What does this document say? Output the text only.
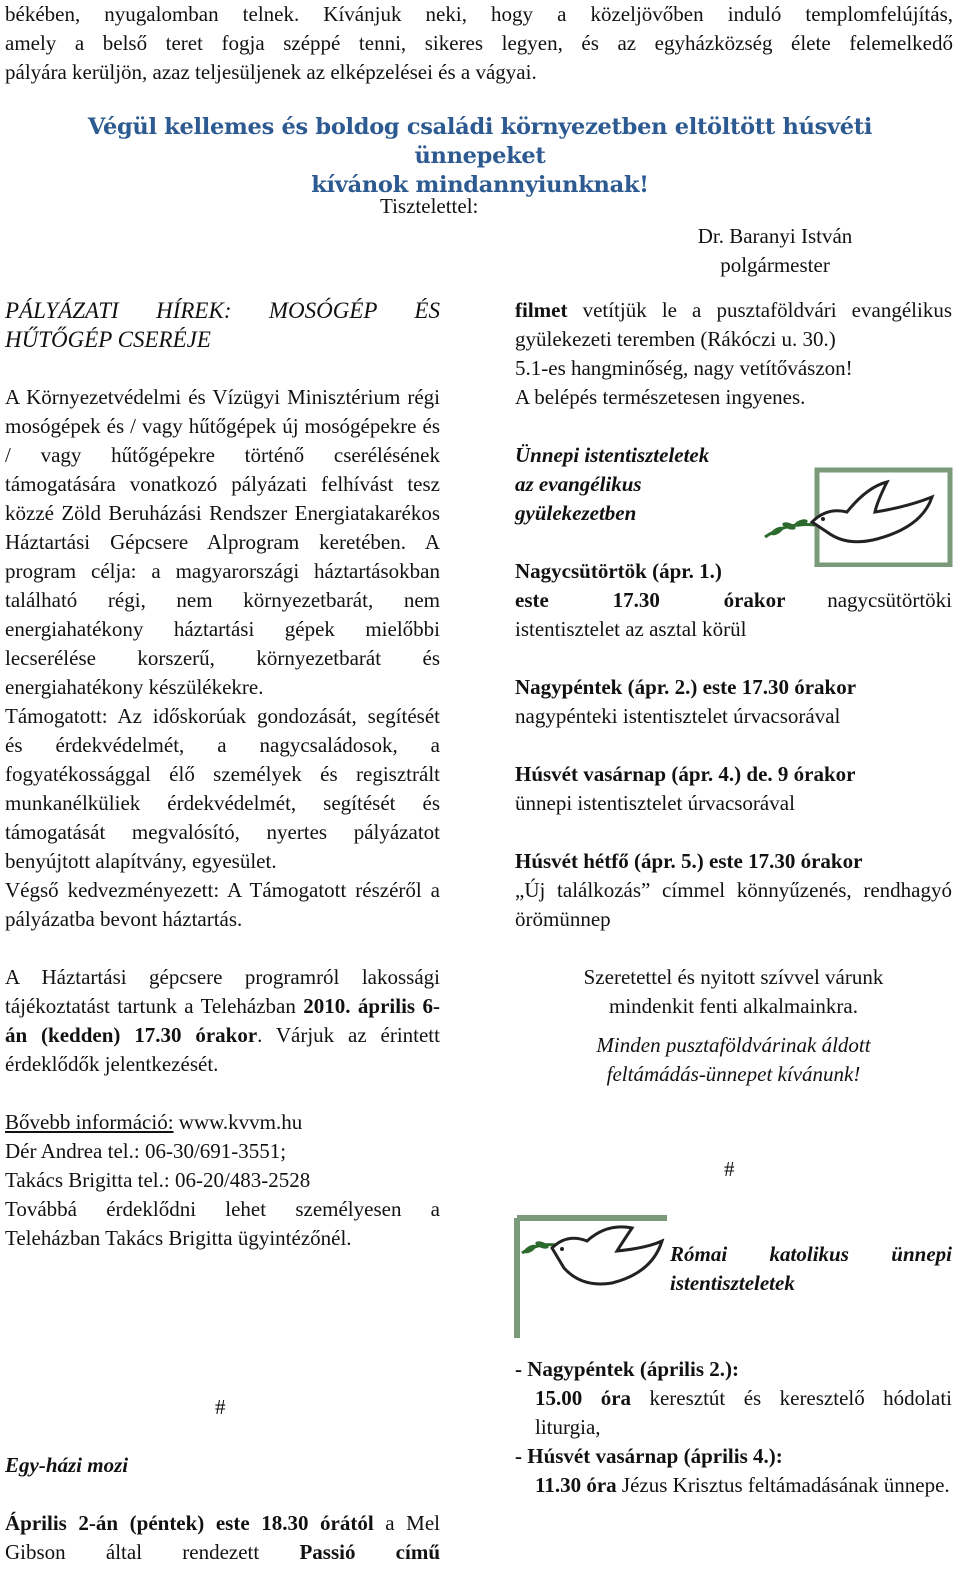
békében, nyugalomban telnek. Kívánjuk neki, hogy a közeljövőben induló templomfelújítás,

amely a belső teret fogja széppé tenni, sikeres legyen, és az egyházközség élete felemelkedő

pályára kerüljön, azaz teljesüljenek az elképzelései és a vágyai.

Végül kellemes és boldog családi környezetben eltöltött húsvéti ünnepeket

kívánok mindannyiunknak!

Tisztelettel:

Dr. Baranyi István

polgármester

PÁLYÁZATI HÍREK: MOSÓGÉP ÉS

HŰTŐGÉP CSERÉJE

A Környezetvédelmi és Vízügyi Minisztérium régi mosógépek és / vagy hűtőgépek új mosógépekre és / vagy hűtőgépekre történő cserélésének támogatására vonatkozó pályázati felhívást tesz közzé Zöld Beruházási Rendszer Energiatakarékos Háztartási Gépcsere Alprogram keretében. A program célja: a magyarországi háztartásokban található régi, nem környezetbarát, nem energiahatékony háztartási gépek mielőbbi lecserélése korszerű, környezetbarát és energiahatékony készülékekre.

Támogatott: Az időskorúak gondozását, segítését és érdekvédelmét, a nagycsaládosok, a fogyatékossággal élő személyek és regisztrált munkanélküliek érdekvédelmét, segítését és támogatását megvalósító, nyertes pályázatot benyújtott alapítvány, egyesület.

Végső kedvezményezett: A Támogatott részéről a pályázatba bevont háztartás.

A Háztartási gépcsere programról lakossági tájékoztatást tartunk a Teleházban 2010. április 6-án (kedden) 17.30 órakor. Várjuk az érintett érdeklődők jelentkezését.

Bővebb információ: www.kvvm.hu

Dér Andrea tel.: 06-30/691-3551;

Takács Brigitta tel.: 06-20/483-2528

Továbbá érdeklődni lehet személyesen a Teleházban Takács Brigitta ügyintézőnél.

#

Egy-házi mozi

Április 2-án (péntek) este 18.30 órától a Mel Gibson által rendezett Passió című

filmet vetítjük le a pusztaföldvári evangélikus gyülekezeti teremben (Rákóczi u. 30.)

5.1-es hangminőség, nagy vetítővászon!

A belépés természetesen ingyenes.

Ünnepi istentiszteletek

az evangélikus

gyülekezetben

Nagycsütörtök (ápr. 1.)

este 17.30 órakor nagycsütörtöki istentisztelet az asztal körül

Nagypéntek (ápr. 2.) este 17.30 órakor

nagypénteki istentisztelet úrvacsorával

Húsvét vasárnap (ápr. 4.) de. 9 órakor

ünnepi istentisztelet úrvacsorával

Húsvét hétfő (ápr. 5.) este 17.30 órakor

„Új találkozás” címmel könnyűzenés, rendhagyó örömünnep

Szeretettel és nyitott szívvel várunk

mindenkit fenti alkalmainkra.

Minden pusztaföldvárinak áldott

feltámádás-ünnepet kívánunk!

#

Római katolikus ünnepi

istentiszteletek

- Nagypéntek (április 2.):

15.00 óra keresztút és keresztelő hódolati liturgia,

- Húsvét vasárnap (április 4.):

11.30 óra Jézus Krisztus feltámadásának ünnepe.
